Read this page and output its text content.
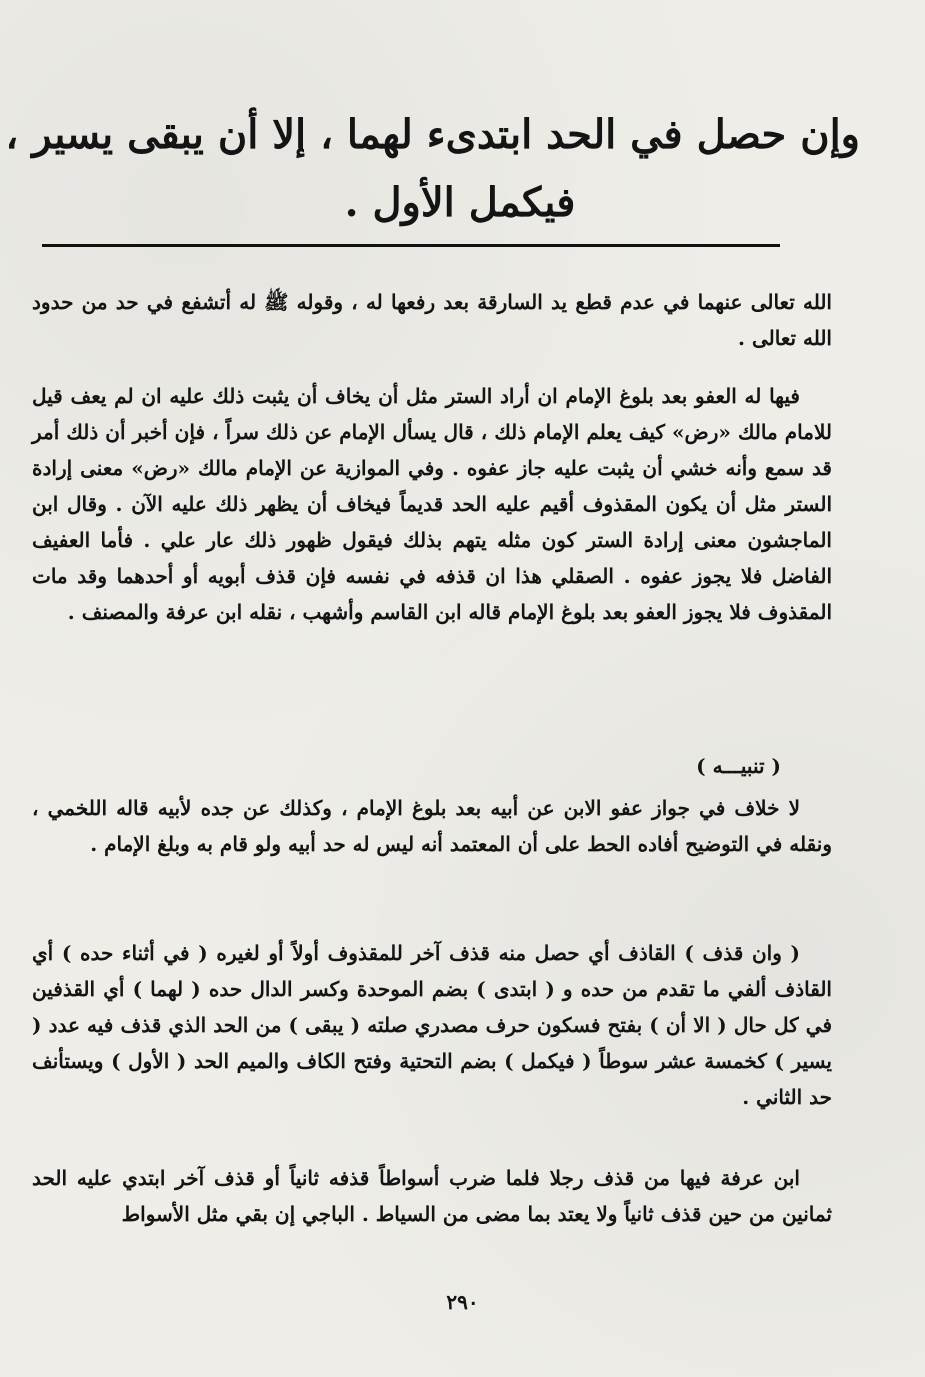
وإن حصل في الحد ابتدىء لهما ، إلا أن يبقى يسير ،
فيكمل الأول .
الله تعالى عنهما في عدم قطع يد السارقة بعد رفعها له ، وقوله ﷺ له أتشفع في حد من حدود الله تعالى .
فيها له العفو بعد بلوغ الإمام ان أراد الستر مثل أن يخاف أن يثبت ذلك عليه ان لم يعف قيل للامام مالك «رض» كيف يعلم الإمام ذلك ، قال يسأل الإمام عن ذلك سراً ، فإن أخبر أن ذلك أمر قد سمع وأنه خشي أن يثبت عليه جاز عفوه . وفي الموازية عن الإمام مالك «رض» معنى إرادة الستر مثل أن يكون المقذوف أقيم عليه الحد قديماً فيخاف أن يظهر ذلك عليه الآن . وقال ابن الماجشون معنى إرادة الستر كون مثله يتهم بذلك فيقول ظهور ذلك عار علي . فأما العفيف الفاضل فلا يجوز عفوه . الصقلي هذا ان قذفه في نفسه فإن قذف أبويه أو أحدهما وقد مات المقذوف فلا يجوز العفو بعد بلوغ الإمام قاله ابن القاسم وأشهب ، نقله ابن عرفة والمصنف .
( تنبيـــه )
لا خلاف في جواز عفو الابن عن أبيه بعد بلوغ الإمام ، وكذلك عن جده لأبيه قاله اللخمي ، ونقله في التوضيح أفاده الحط على أن المعتمد أنه ليس له حد أبيه ولو قام به وبلغ الإمام .
( وان قذف ) القاذف أي حصل منه قذف آخر للمقذوف أولاً أو لغيره ( في أثناء حده ) أي القاذف ألفي ما تقدم من حده و ( ابتدى ) بضم الموحدة وكسر الدال حده ( لهما ) أي القذفين في كل حال ( الا أن ) بفتح فسكون حرف مصدري صلته ( يبقى ) من الحد الذي قذف فيه عدد ( يسير ) كخمسة عشر سوطاً ( فيكمل ) بضم التحتية وفتح الكاف والميم الحد ( الأول ) ويستأنف حد الثاني .
ابن عرفة فيها من قذف رجلا فلما ضرب أسواطاً قذفه ثانياً أو قذف آخر ابتدي عليه الحد ثمانين من حين قذف ثانياً ولا يعتد بما مضى من السياط . الباجي إن بقي مثل الأسواط
٢٩٠
